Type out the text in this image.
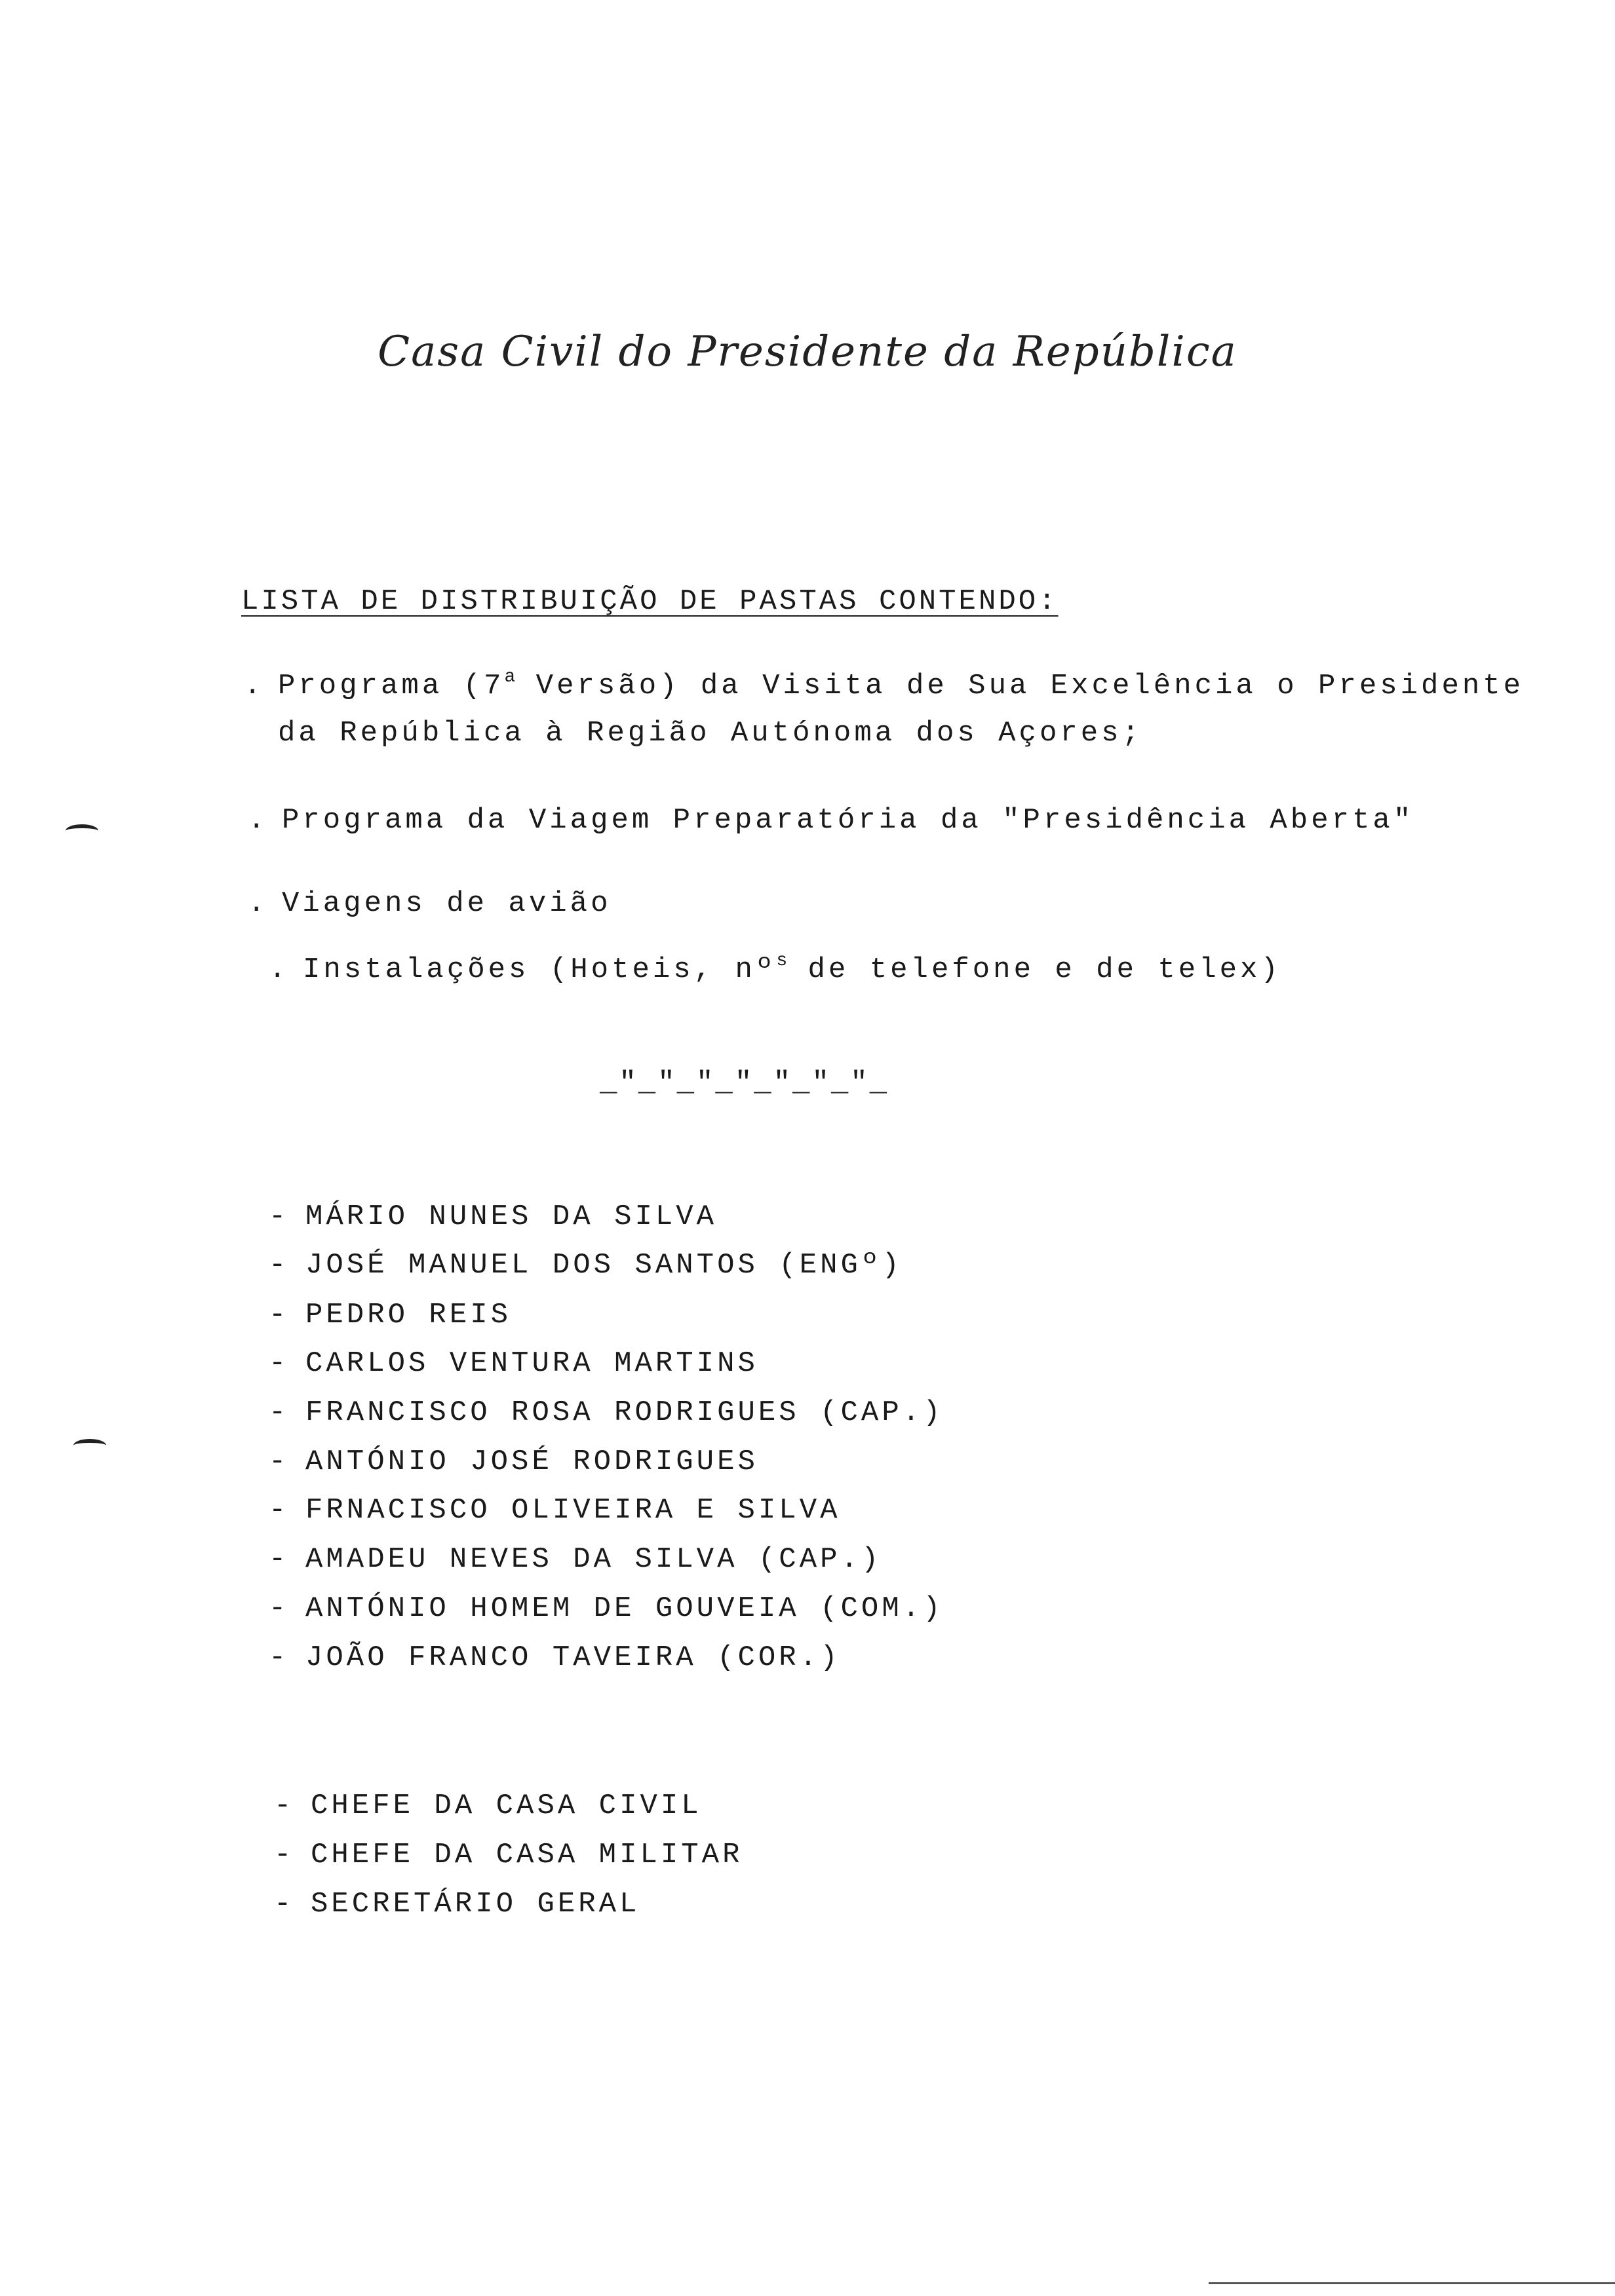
Casa Civil do Presidente da República
LISTA DE DISTRIBUIÇÃO DE PASTAS CONTENDO:
. Programa (7$^a$ Versão) da Visita de Sua Excelência o Presidente
da República à Região Autónoma dos Açores;
. Programa da Viagem Preparatória da "Presidência Aberta"
. Viagens de avião
. Instalações (Hoteis, nº$^s$ de telefone e de telex)
_"_"_"_"_"_"_"_
- MÁRIO NUNES DA SILVA
- JOSÉ MANUEL DOS SANTOS (ENGº)
- PEDRO REIS
- CARLOS VENTURA MARTINS
- FRANCISCO ROSA RODRIGUES (CAP.)
- ANTÓNIO JOSÉ RODRIGUES
- FRNACISCO OLIVEIRA E SILVA
- AMADEU NEVES DA SILVA (CAP.)
- ANTÓNIO HOMEM DE GOUVEIA (COM.)
- JOÃO FRANCO TAVEIRA (COR.)
- CHEFE DA CASA CIVIL
- CHEFE DA CASA MILITAR
- SECRETÁRIO GERAL
